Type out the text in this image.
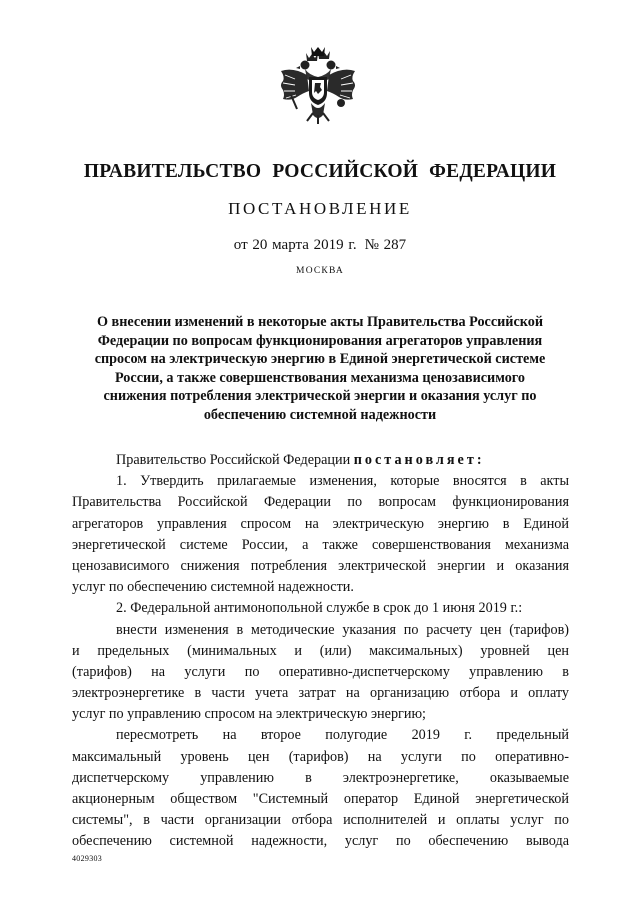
ПРАВИТЕЛЬСТВО РОССИЙСКОЙ ФЕДЕРАЦИИ
ПОСТАНОВЛЕНИЕ
от 20 марта 2019 г. № 287
МОСКВА
О внесении изменений в некоторые акты Правительства Российской
Федерации по вопросам функционирования агрегаторов управления
спросом на электрическую энергию в Единой энергетической системе
России, а также совершенствования механизма ценозависимого
снижения потребления электрической энергии и оказания услуг по
обеспечению системной надежности
Правительство Российской Федерации постановляет:
1. Утвердить прилагаемые изменения, которые вносятся в акты
Правительства Российской Федерации по вопросам функционирования
агрегаторов управления спросом на электрическую энергию в Единой
энергетической системе России, а также совершенствования механизма
ценозависимого снижения потребления электрической энергии и оказания
услуг по обеспечению системной надежности.
2. Федеральной антимонопольной службе в срок до 1 июня 2019 г.:
внести изменения в методические указания по расчету цен (тарифов)
и предельных (минимальных и (или) максимальных) уровней цен
(тарифов) на услуги по оперативно-диспетчерскому управлению в
электроэнергетике в части учета затрат на организацию отбора и оплату
услуг по управлению спросом на электрическую энергию;
пересмотреть на второе полугодие 2019 г. предельный
максимальный уровень цен (тарифов) на услуги по оперативно-
диспетчерскому управлению в электроэнергетике, оказываемые
акционерным обществом "Системный оператор Единой энергетической
системы", в части организации отбора исполнителей и оплаты услуг по
обеспечению системной надежности, услуг по обеспечению вывода
4029303
